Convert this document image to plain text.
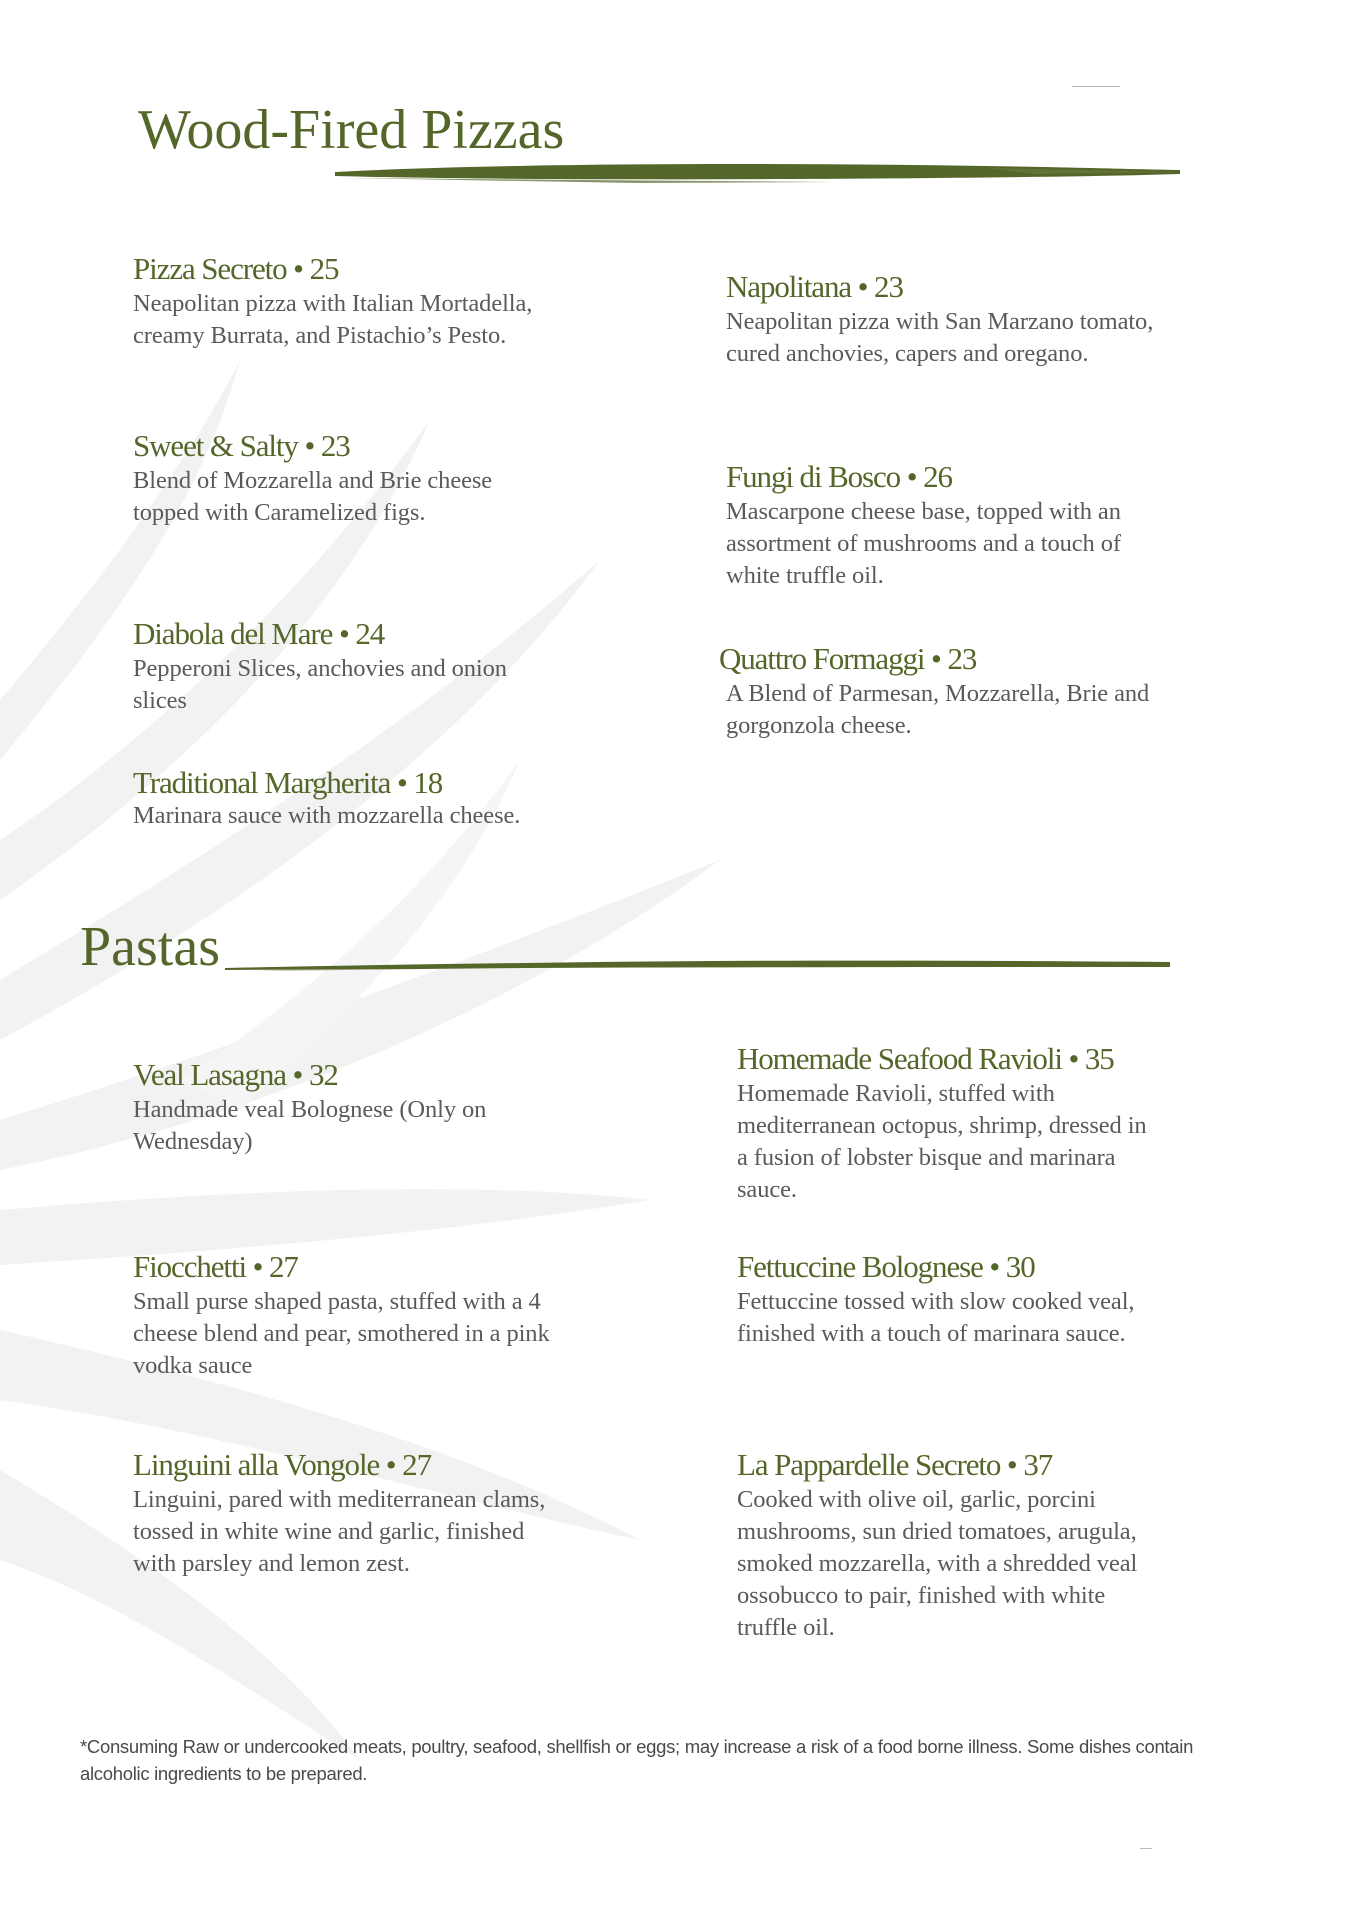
Wood-Fired Pizzas
Pizza Secreto • 25

Neapolitan pizza with Italian Mortadella,
creamy Burrata, and Pistachio’s Pesto.

Napolitana • 23

Neapolitan pizza with San Marzano tomato,
cured anchovies, capers and oregano.

Sweet & Salty • 23

Blend of Mozzarella and Brie cheese
topped with Caramelized figs.

Fungi di Bosco • 26

Mascarpone cheese base, topped with an
assortment of mushrooms and a touch of
white truffle oil.

Diabola del Mare • 24

Pepperoni Slices, anchovies and onion
slices

Quattro Formaggi • 23

A Blend of Parmesan, Mozzarella, Brie and
gorgonzola cheese.

Traditional Margherita • 18

Marinara sauce with mozzarella cheese.

Pastas
Veal Lasagna • 32

Handmade veal Bolognese (Only on
Wednesday)

Homemade Seafood Ravioli • 35

Homemade Ravioli, stuffed with
mediterranean octopus, shrimp, dressed in
a fusion of lobster bisque and marinara
sauce.

Fiocchetti • 27

Small purse shaped pasta, stuffed with a 4
cheese blend and pear, smothered in a pink
vodka sauce

Fettuccine Bolognese • 30

Fettuccine tossed with slow cooked veal,
finished with a touch of marinara sauce.

Linguini alla Vongole • 27

Linguini, pared with mediterranean clams,
tossed in white wine and garlic, finished
with parsley and lemon zest.

La Pappardelle Secreto • 37

Cooked with olive oil, garlic, porcini
mushrooms, sun dried tomatoes, arugula,
smoked mozzarella, with a shredded veal
ossobucco to pair, finished with white
truffle oil.

*Consuming Raw or undercooked meats, poultry, seafood, shellfish or eggs; may increase a risk of a food borne illness. Some dishes contain alcoholic ingredients to be prepared.
